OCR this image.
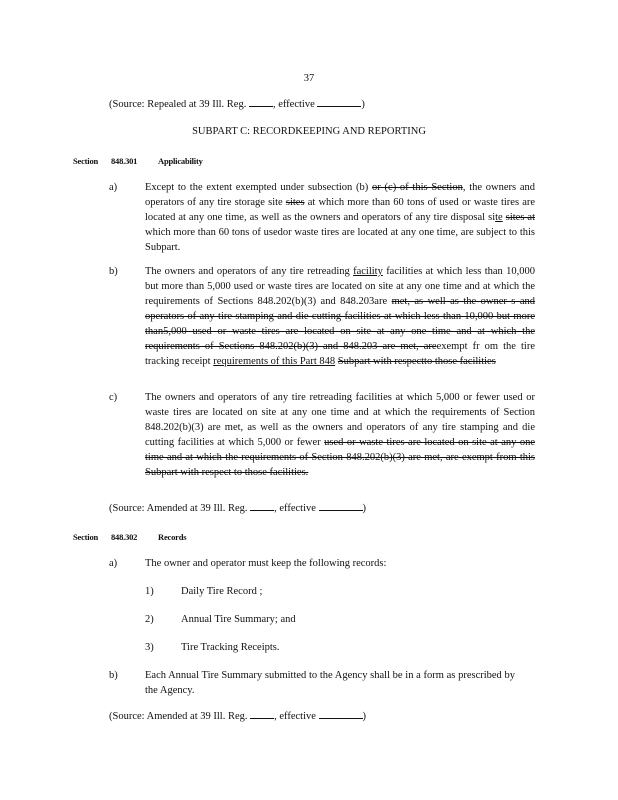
37
(Source: Repealed at 39 Ill. Reg.	, effective	)
SUBPART C: RECORDKEEPING AND REPORTING
Section 848.301 Applicability
a)	Except to the extent exempted under subsection (b) or (c) of this Section, the owners and operators of any tire storage site sites at which more than 60 tons of used or waste tires are located at any one time, as well as the owners and operators of any tire disposal site sites at which more than 60 tons of usedor waste tires are located at any one time, are subject to this Subpart.
b)	The owners and operators of any tire retreading facility facilities at which less than 10,000 but more than 5,000 used or waste tires are located on site at any one time and at which the requirements of Sections 848.202(b)(3) and 848.203are met, as well as the owner s and operators of any tire stamping and die cutting facilities at which less than 10,000 but more than5,000 used or waste tires are located on site at any one time and at which the requirements of Sections 848.202(b)(3) and 848.203 are met, areexempt fr om the tire tracking receipt requirements of this Part 848 Subpart with respectto those facilities
c)	The owners and operators of any tire retreading facilities at which 5,000 or fewer used or waste tires are located on site at any one time and at which the requirements of Section 848.202(b)(3) are met, as well as the owners and operators of any tire stamping and die cutting facilities at which 5,000 or fewer used or waste tires are located on site at any one time and at which the requirements of Section 848.202(b)(3) are met, are exempt from this Subpart with respect to those facilities.
(Source: Amended at 39 Ill. Reg.	, effective	)
Section 848.302 Records
a)	The owner and operator must keep the following records:
1)	Daily Tire Record ;
2)	Annual Tire Summary; and
3)	Tire Tracking Receipts.
b)	Each Annual Tire Summary submitted to the Agency shall be in a form as prescribed by the Agency.
(Source: Amended at 39 Ill. Reg.	, effective	)
